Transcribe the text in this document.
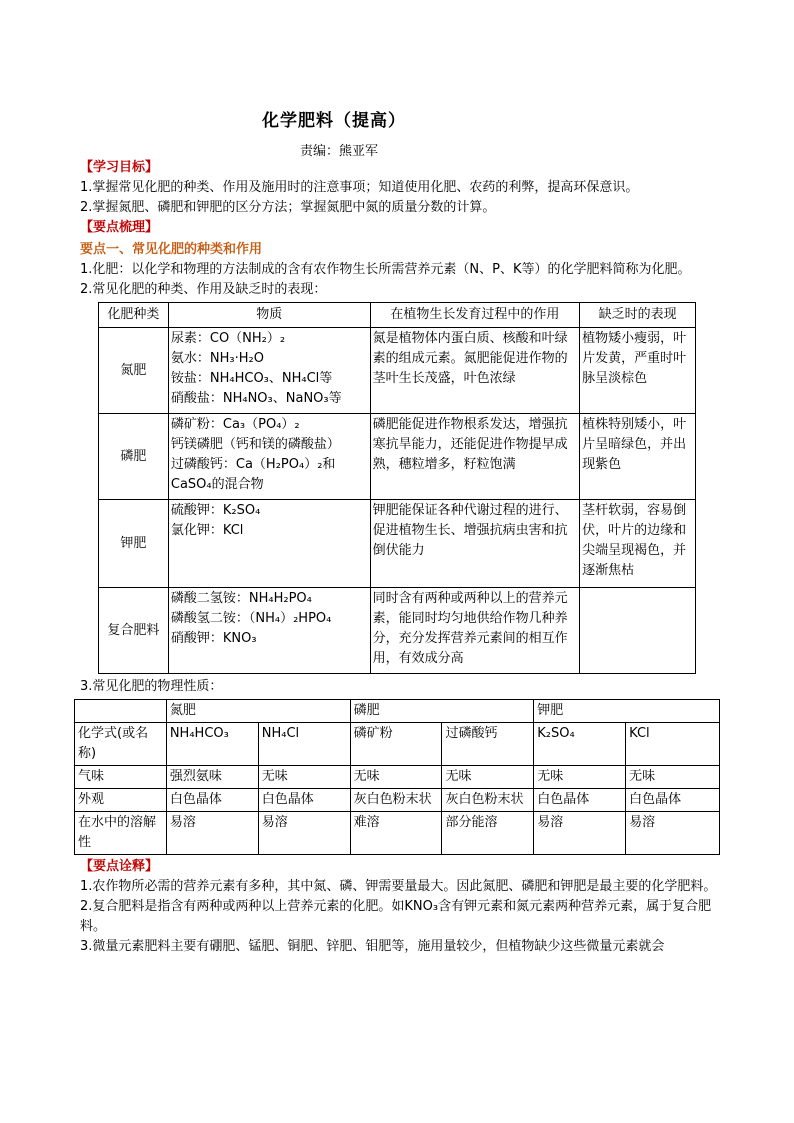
化学肥料（提高）
责编：熊亚军

【学习目标】

1.掌握常见化肥的种类、作用及施用时的注意事项；知道使用化肥、农药的利弊，提高环保意识。

2.掌握氮肥、磷肥和钾肥的区分方法；掌握氮肥中氮的质量分数的计算。

【要点梳理】

要点一、常见化肥的种类和作用

1.化肥：以化学和物理的方法制成的含有农作物生长所需营养元素（N、P、K等）的化学肥料简称为化肥。

2.常见化肥的种类、作用及缺乏时的表现：

化肥种类	物质	在植物生长发育过程中的作用	缺乏时的表现
氮肥	尿素：CO（NH₂）₂
氨水：NH₃·H₂O
铵盐：NH₄HCO₃、NH₄Cl等
硝酸盐：NH₄NO₃、NaNO₃等	氮是植物体内蛋白质、核酸和叶绿素的组成元素。氮肥能促进作物的茎叶生长茂盛，叶色浓绿	植物矮小瘦弱，叶片发黄，严重时叶脉呈淡棕色
磷肥	磷矿粉：Ca₃（PO₄）₂
钙镁磷肥（钙和镁的磷酸盐）
过磷酸钙：Ca（H₂PO₄）₂和CaSO₄的混合物	磷肥能促进作物根系发达，增强抗寒抗旱能力，还能促进作物提早成熟，穗粒增多，籽粒饱满	植株特别矮小，叶片呈暗绿色，并出现紫色
钾肥	硫酸钾：K₂SO₄
氯化钾：KCl	钾肥能保证各种代谢过程的进行、促进植物生长、增强抗病虫害和抗倒伏能力	茎杆软弱，容易倒伏，叶片的边缘和尖端呈现褐色，并逐渐焦枯
复合肥料	磷酸二氢铵：NH₄H₂PO₄
磷酸氢二铵：（NH₄）₂HPO₄
硝酸钾：KNO₃	同时含有两种或两种以上的营养元素，能同时均匀地供给作物几种养分，充分发挥营养元素间的相互作用，有效成分高	

3.常见化肥的物理性质：

	氮肥		磷肥		钾肥	
化学式(或名称)	NH₄HCO₃	NH₄Cl	磷矿粉	过磷酸钙	K₂SO₄	KCl
气味	强烈氨味	无味	无味	无味	无味	无味
外观	白色晶体	白色晶体	灰白色粉末状	灰白色粉末状	白色晶体	白色晶体
在水中的溶解性	易溶	易溶	难溶	部分能溶	易溶	易溶

【要点诠释】

1.农作物所必需的营养元素有多种，其中氮、磷、钾需要量最大。因此氮肥、磷肥和钾肥是最主要的化学肥料。

2.复合肥料是指含有两种或两种以上营养元素的化肥。如KNO₃含有钾元素和氮元素两种营养元素，属于复合肥料。

3.微量元素肥料主要有硼肥、锰肥、铜肥、锌肥、钼肥等，施用量较少，但植物缺少这些微量元素就会
